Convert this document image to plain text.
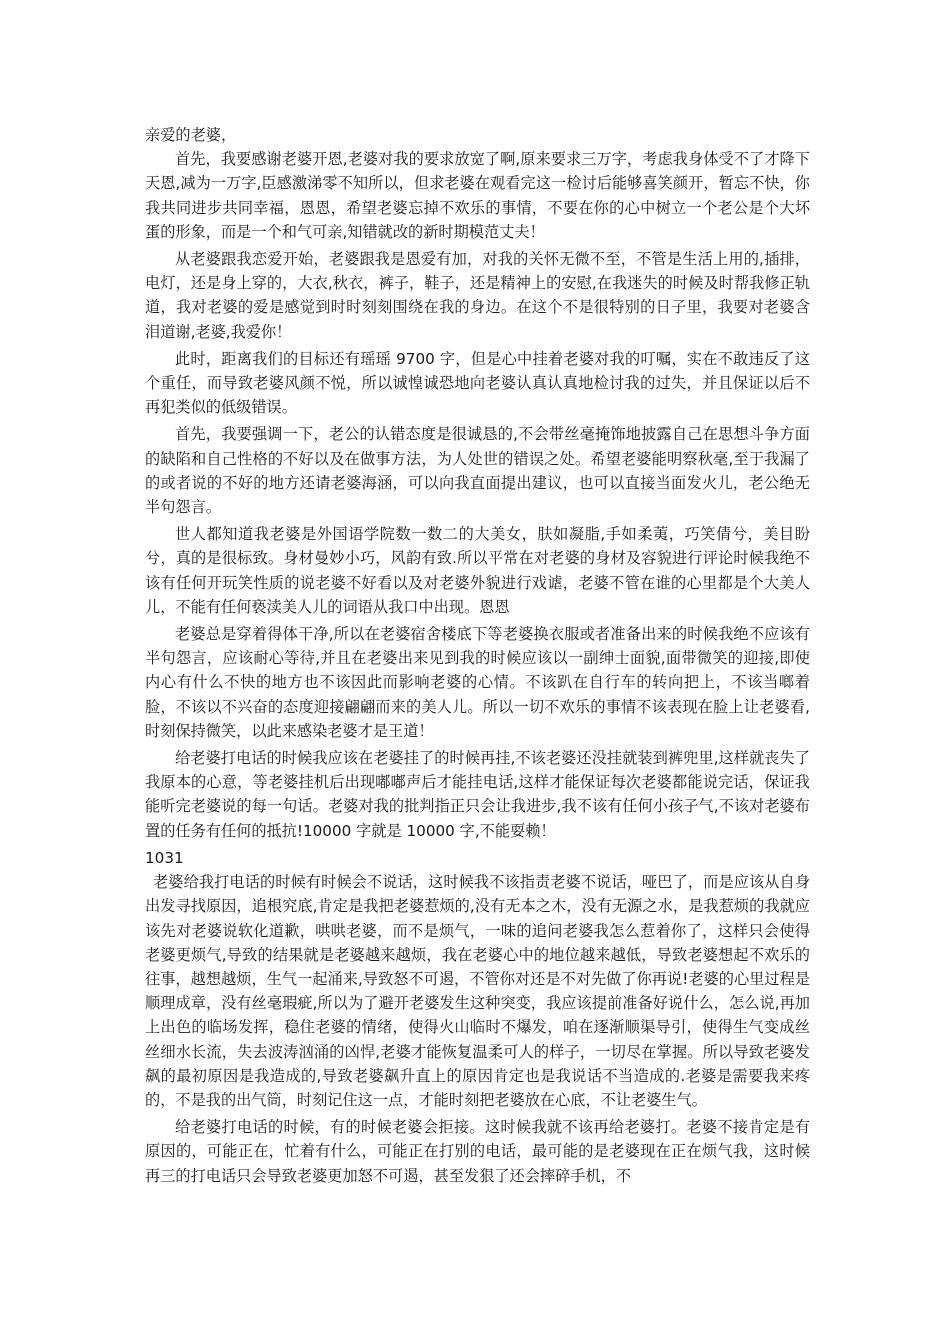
亲爱的老婆，

首先，我要感谢老婆开恩,老婆对我的要求放宽了啊,原来要求三万字，考虑我身体受不了才降下天恩,减为一万字,臣感激涕零不知所以，但求老婆在观看完这一检讨后能够喜笑颜开，暂忘不快，你我共同进步共同幸福，恩恩，希望老婆忘掉不欢乐的事情，不要在你的心中树立一个老公是个大坏蛋的形象，而是一个和气可亲,知错就改的新时期模范丈夫！

从老婆跟我恋爱开始，老婆跟我是恩爱有加，对我的关怀无微不至，不管是生活上用的,插排，电灯，还是身上穿的，大衣,秋衣，裤子，鞋子，还是精神上的安慰,在我迷失的时候及时帮我修正轨道，我对老婆的爱是感觉到时时刻刻围绕在我的身边。在这个不是很特别的日子里，我要对老婆含泪道谢,老婆,我爱你！

此时，距离我们的目标还有瑶瑶 9700 字，但是心中挂着老婆对我的叮嘱，实在不敢违反了这个重任，而导致老婆风颜不悦，所以诚惶诚恐地向老婆认真认真地检讨我的过失，并且保证以后不再犯类似的低级错误。

首先，我要强调一下，老公的认错态度是很诚恳的,不会带丝毫掩饰地披露自己在思想斗争方面的缺陷和自己性格的不好以及在做事方法，为人处世的错误之处。希望老婆能明察秋毫,至于我漏了的或者说的不好的地方还请老婆海涵，可以向我直面提出建议，也可以直接当面发火儿，老公绝无半句怨言。

世人都知道我老婆是外国语学院数一数二的大美女，肤如凝脂,手如柔荑，巧笑倩兮，美目盼兮，真的是很标致。身材曼妙小巧，风韵有致.所以平常在对老婆的身材及容貌进行评论时候我绝不该有任何开玩笑性质的说老婆不好看以及对老婆外貌进行戏谑，老婆不管在谁的心里都是个大美人儿，不能有任何亵渎美人儿的词语从我口中出现。恩恩

老婆总是穿着得体干净,所以在老婆宿舍楼底下等老婆换衣服或者准备出来的时候我绝不应该有半句怨言，应该耐心等待,并且在老婆出来见到我的时候应该以一副绅士面貌,面带微笑的迎接,即使内心有什么不快的地方也不该因此而影响老婆的心情。不该趴在自行车的转向把上，不该当啷着脸，不该以不兴奋的态度迎接翩翩而来的美人儿。所以一切不欢乐的事情不该表现在脸上让老婆看,时刻保持微笑，以此来感染老婆才是王道！

给老婆打电话的时候我应该在老婆挂了的时候再挂,不该老婆还没挂就装到裤兜里,这样就丧失了我原本的心意，等老婆挂机后出现嘟嘟声后才能挂电话,这样才能保证每次老婆都能说完话，保证我能听完老婆说的每一句话。老婆对我的批判指正只会让我进步,我不该有任何小孩子气,不该对老婆布置的任务有任何的抵抗!10000 字就是 10000 字,不能耍赖！

1031

老婆给我打电话的时候有时候会不说话，这时候我不该指责老婆不说话，哑巴了，而是应该从自身出发寻找原因，追根究底,肯定是我把老婆惹烦的,没有无本之木，没有无源之水，是我惹烦的我就应该先对老婆说软化道歉，哄哄老婆，而不是烦气，一味的追问老婆我怎么惹着你了，这样只会使得老婆更烦气,导致的结果就是老婆越来越烦，我在老婆心中的地位越来越低，导致老婆想起不欢乐的往事，越想越烦，生气一起涌来,导致怒不可遏，不管你对还是不对先做了你再说!老婆的心里过程是顺理成章，没有丝毫瑕疵,所以为了避开老婆发生这种突变，我应该提前准备好说什么，怎么说,再加上出色的临场发挥，稳住老婆的情绪，使得火山临时不爆发，咱在逐渐顺渠导引，使得生气变成丝丝细水长流，失去波涛汹涌的凶悍,老婆才能恢复温柔可人的样子，一切尽在掌握。所以导致老婆发飙的最初原因是我造成的,导致老婆飙升直上的原因肯定也是我说话不当造成的.老婆是需要我来疼的，不是我的出气筒，时刻记住这一点，才能时刻把老婆放在心底，不让老婆生气。

给老婆打电话的时候，有的时候老婆会拒接。这时候我就不该再给老婆打。老婆不接肯定是有原因的，可能正在，忙着有什么，可能正在打别的电话，最可能的是老婆现在正在烦气我，这时候再三的打电话只会导致老婆更加怒不可遏，甚至发狠了还会摔碎手机，不
